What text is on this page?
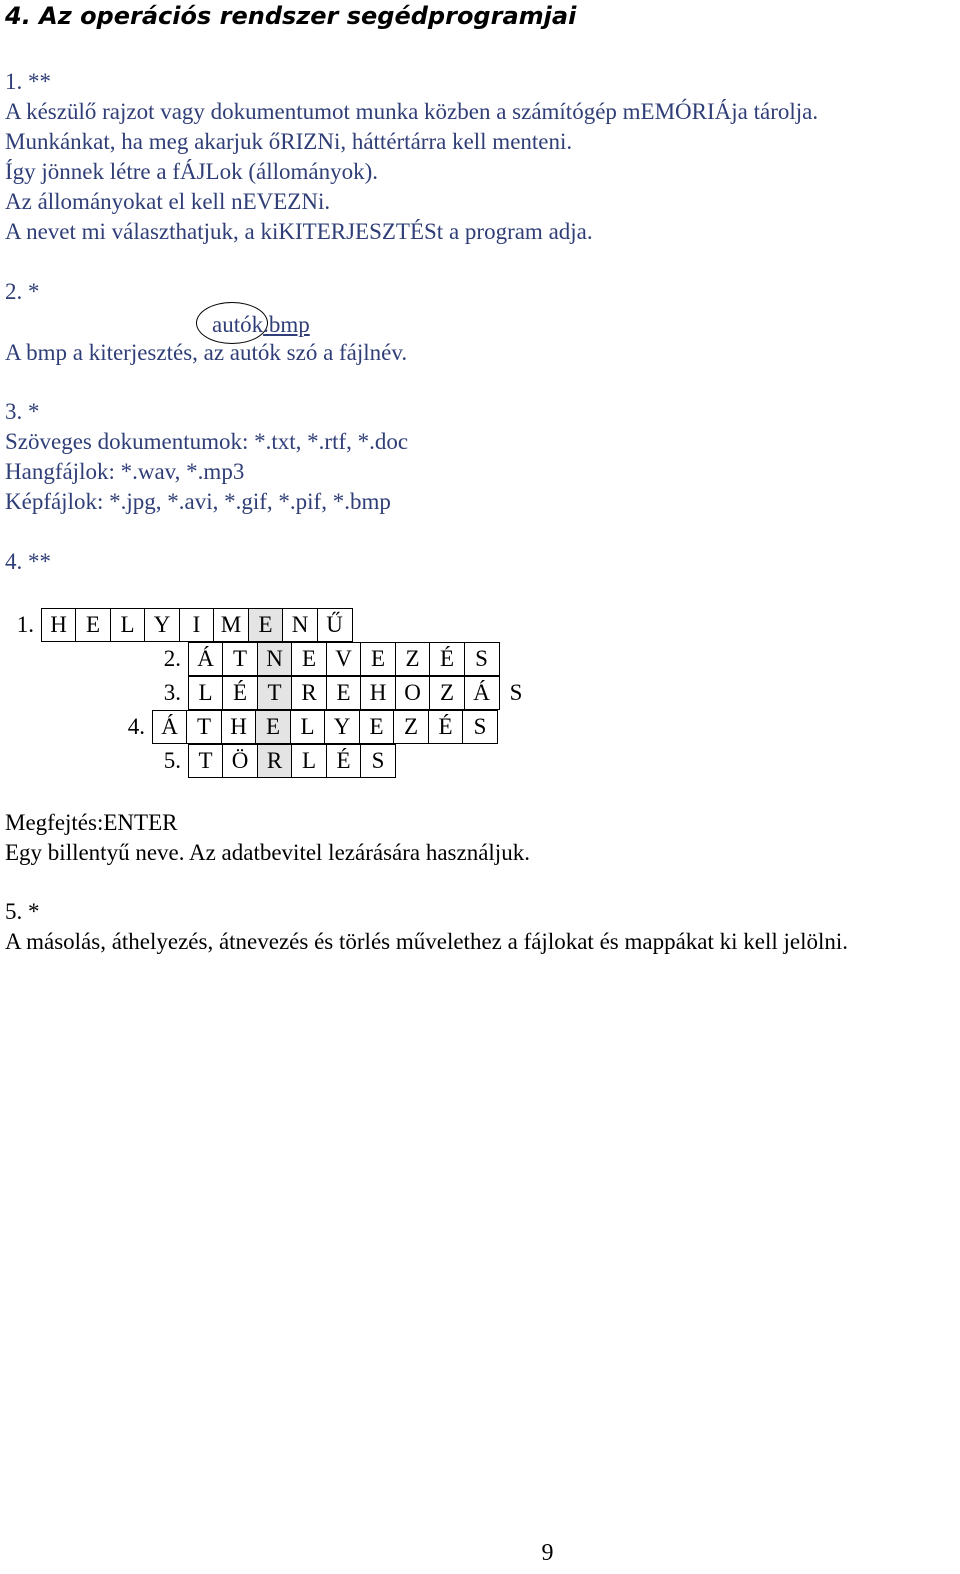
4. Az operációs rendszer segédprogramjai
1. **
A készülő rajzot vagy dokumentumot munka közben a számítógép mEMÓRIÁja tárolja.
Munkánkat, ha meg akarjuk őRIZNi, háttértárra kell menteni.
Így jönnek létre a fÁJLok (állományok).
Az állományokat el kell nEVEZNi.
A nevet mi választhatjuk, a kiKITERJESZTÉSt a program adja.
2. *
autók.bmp
A bmp a kiterjesztés, az autók szó a fájlnév.
3. *
Szöveges dokumentumok: *.txt, *.rtf, *.doc
Hangfájlok: *.wav, *.mp3
Képfájlok: *.jpg, *.avi, *.gif, *.pif, *.bmp
4. **
1. H E L Y I M E N Ű
2. Á T N E V E Z É S
3. L É T R E H O Z Á S
4. Á T H E L Y E Z É S
5. T Ö R L É S
Megfejtés:ENTER
Egy billentyű neve. Az adatbevitel lezárására használjuk.
5. *
A másolás, áthelyezés, átnevezés és törlés művelethez a fájlokat és mappákat ki kell jelölni.
9
